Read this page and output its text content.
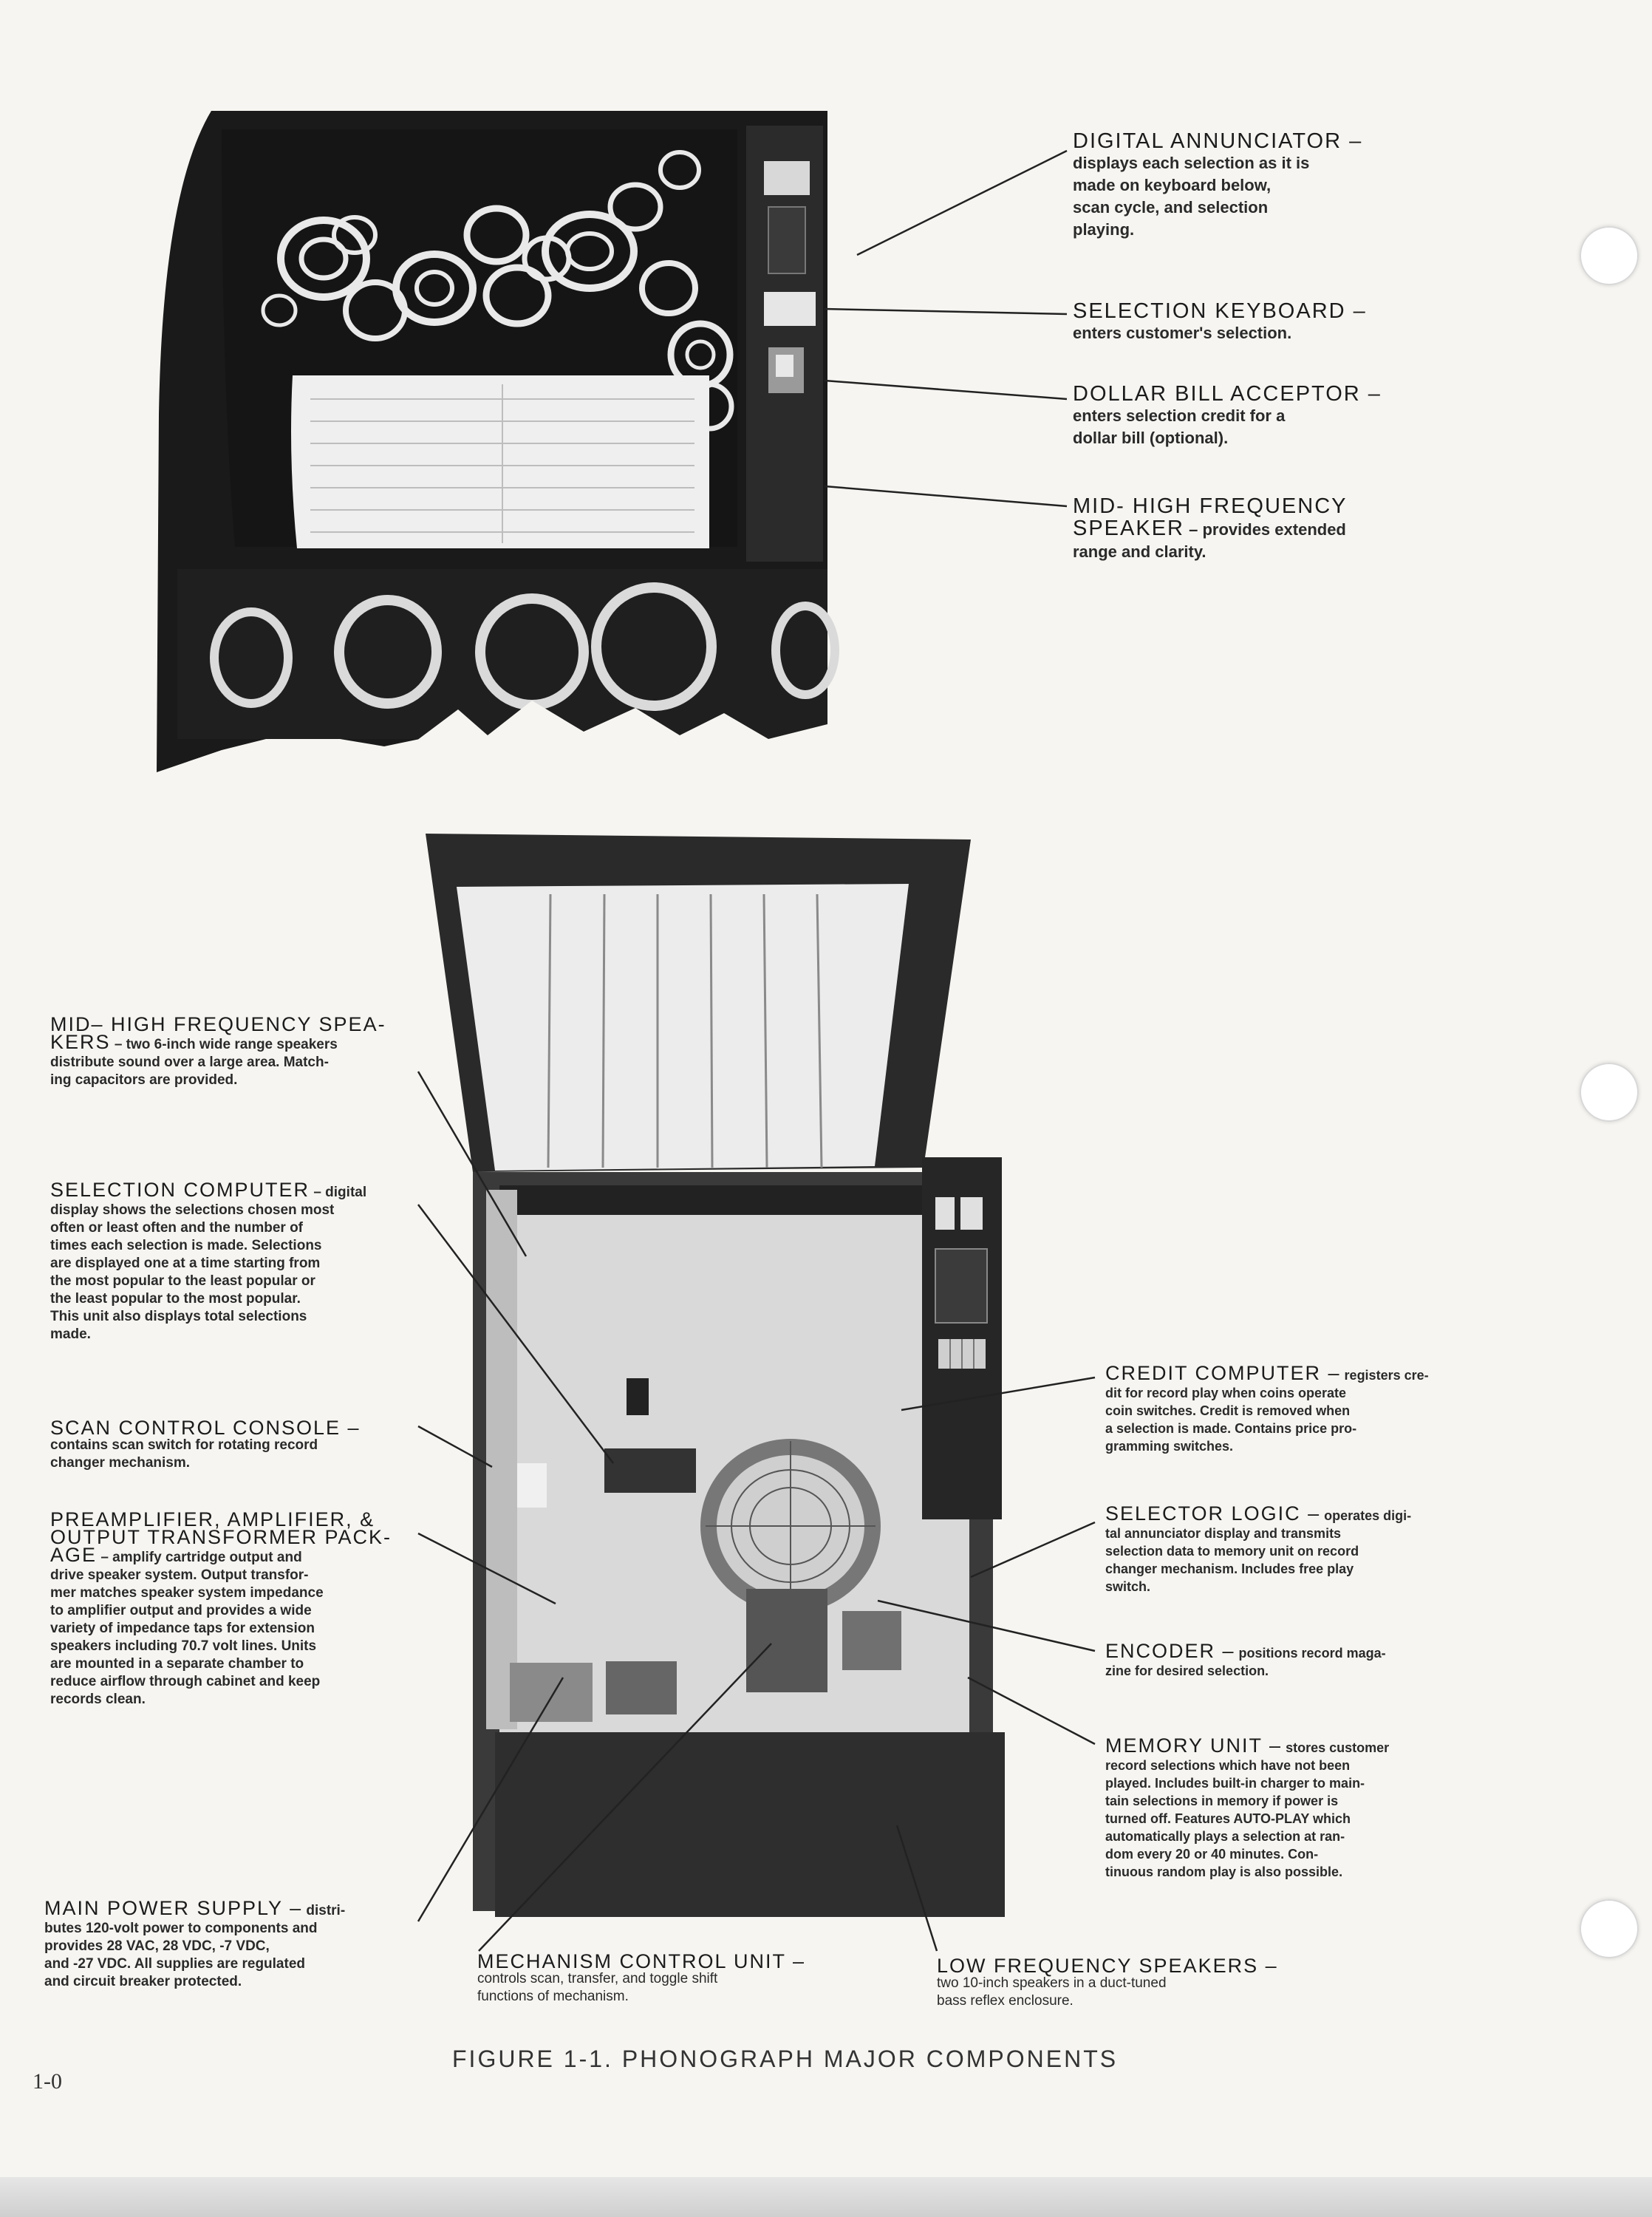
DIGITAL ANNUNCIATOR –
displays each selection as it is
made on keyboard below,
scan cycle, and selection
playing.
SELECTION KEYBOARD –
enters customer's selection.
DOLLAR BILL ACCEPTOR –
enters selection credit for a
dollar bill (optional).
MID- HIGH FREQUENCY
SPEAKER – provides extended
range and clarity.
MID– HIGH FREQUENCY SPEA-
KERS – two 6-inch wide range speakers
distribute sound over a large area. Match-
ing capacitors are provided.
SELECTION COMPUTER – digital
display shows the selections chosen most
often or least often and the number of
times each selection is made. Selections
are displayed one at a time starting from
the most popular to the least popular or
the least popular to the most popular.
This unit also displays total selections
made.
SCAN CONTROL CONSOLE –
contains scan switch for rotating record
changer mechanism.
PREAMPLIFIER, AMPLIFIER, &
OUTPUT TRANSFORMER PACK-
AGE – amplify cartridge output and
drive speaker system. Output transfor-
mer matches speaker system impedance
to amplifier output and provides a wide
variety of impedance taps for extension
speakers including 70.7 volt lines. Units
are mounted in a separate chamber to
reduce airflow through cabinet and keep
records clean.
MAIN POWER SUPPLY – distri-
butes 120-volt power to components and
provides 28 VAC, 28 VDC, -7 VDC,
and -27 VDC. All supplies are regulated
and circuit breaker protected.
CREDIT COMPUTER – registers cre-
dit for record play when coins operate
coin switches. Credit is removed when
a selection is made. Contains price pro-
gramming switches.
SELECTOR LOGIC – operates digi-
tal annunciator display and transmits
selection data to memory unit on record
changer mechanism. Includes free play
switch.
ENCODER – positions record maga-
zine for desired selection.
MEMORY UNIT – stores customer
record selections which have not been
played. Includes built-in charger to main-
tain selections in memory if power is
turned off. Features AUTO-PLAY which
automatically plays a selection at ran-
dom every 20 or 40 minutes. Con-
tinuous random play is also possible.
MECHANISM CONTROL UNIT –
controls scan, transfer, and toggle shift
functions of mechanism.
LOW FREQUENCY SPEAKERS –
two 10-inch speakers in a duct-tuned
bass reflex enclosure.
FIGURE 1-1. PHONOGRAPH MAJOR COMPONENTS
1-0
